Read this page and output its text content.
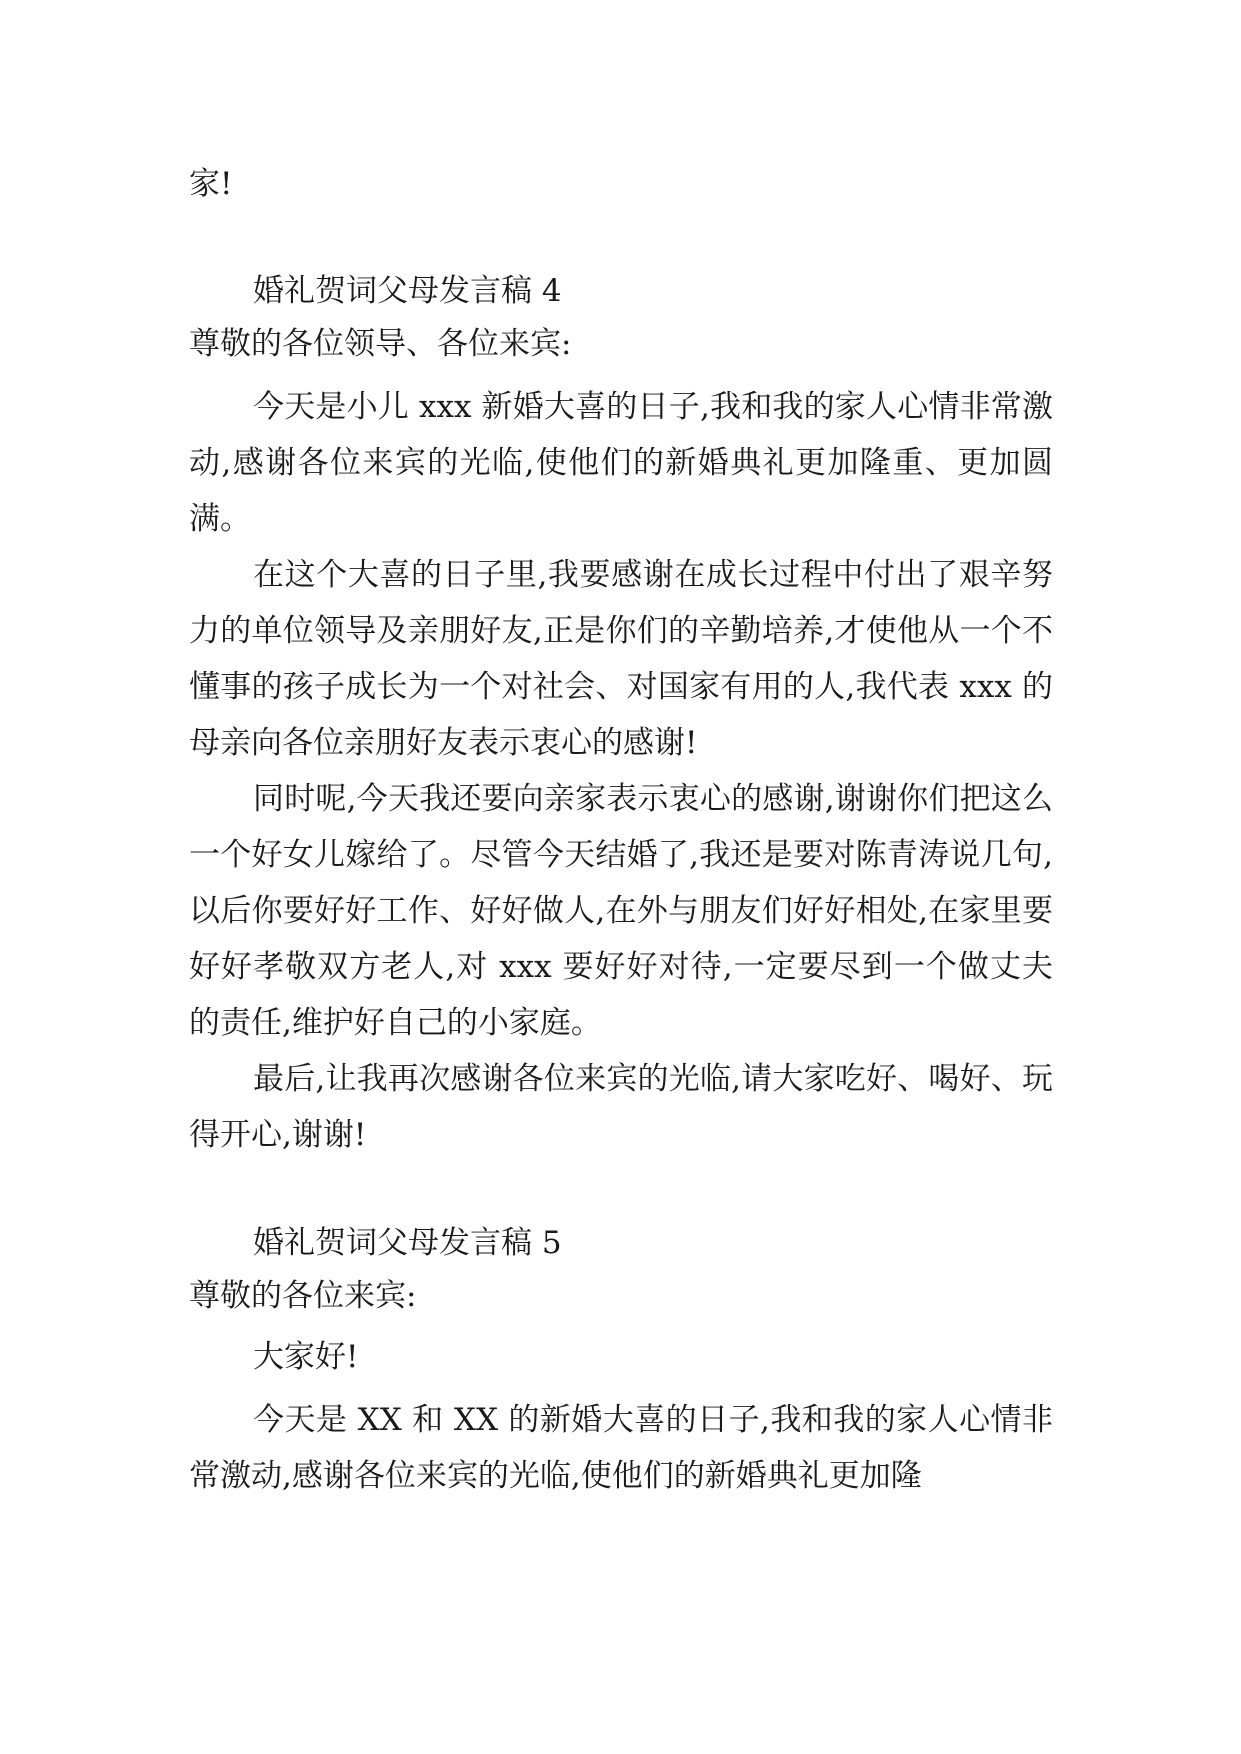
家!

婚礼贺词父母发言稿 4

尊敬的各位领导、各位来宾:

今天是小儿 xxx 新婚大喜的日子,我和我的家人心情非常激动,感谢各位来宾的光临,使他们的新婚典礼更加隆重、更加圆满。

在这个大喜的日子里,我要感谢在成长过程中付出了艰辛努力的单位领导及亲朋好友,正是你们的辛勤培养,才使他从一个不懂事的孩子成长为一个对社会、对国家有用的人,我代表 xxx 的母亲向各位亲朋好友表示衷心的感谢!

同时呢,今天我还要向亲家表示衷心的感谢,谢谢你们把这么一个好女儿嫁给了。尽管今天结婚了,我还是要对陈青涛说几句,以后你要好好工作、好好做人,在外与朋友们好好相处,在家里要好好孝敬双方老人,对 xxx 要好好对待,一定要尽到一个做丈夫的责任,维护好自己的小家庭。

最后,让我再次感谢各位来宾的光临,请大家吃好、喝好、玩得开心,谢谢!

婚礼贺词父母发言稿 5

尊敬的各位来宾:

大家好!

今天是 XX 和 XX 的新婚大喜的日子,我和我的家人心情非常激动,感谢各位来宾的光临,使他们的新婚典礼更加隆
